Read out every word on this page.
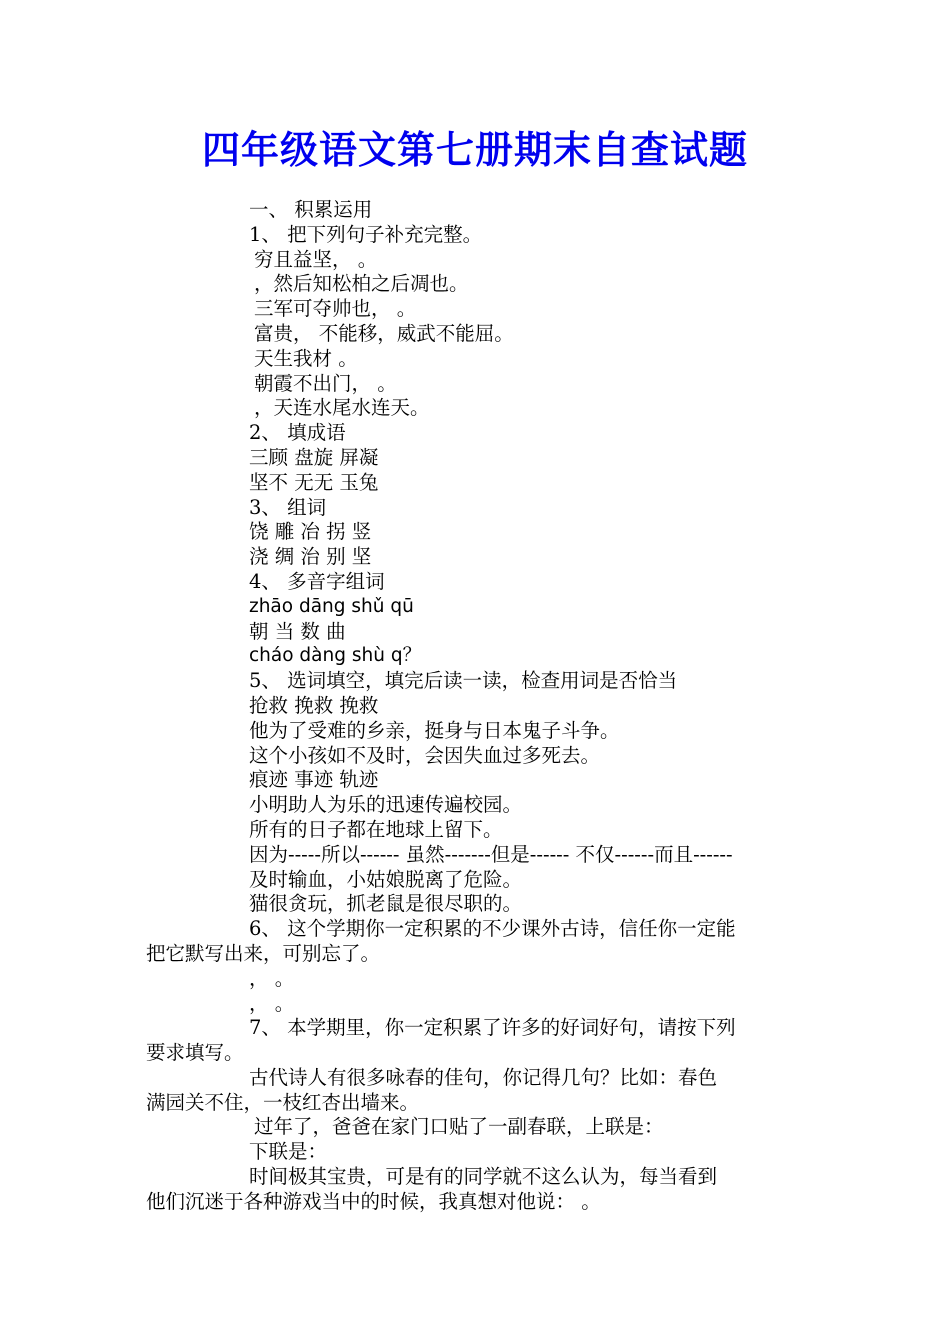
四年级语文第七册期末自查试题
一、 积累运用
1、 把下列句子补充完整。
穷且益坚， 。
，然后知松柏之后凋也。
三军可夺帅也， 。
富贵， 不能移，威武不能屈。
天生我材 。
朝霞不出门， 。
，天连水尾水连天。
2、 填成语
三顾 盘旋 屏凝
坚不 无无 玉兔
3、 组词
饶 雕 冶 拐 竖
浇 绸 治 别 坚
4、 多音字组词
zhāo dāng shǔ qū
朝 当 数 曲
cháo dàng shù q？
5、 选词填空，填完后读一读，检查用词是否恰当
抢救 挽救 挽救
他为了受难的乡亲，挺身与日本鬼子斗争。
这个小孩如不及时，会因失血过多死去。
痕迹 事迹 轨迹
小明助人为乐的迅速传遍校园。
所有的日子都在地球上留下。
因为-----所以------ 虽然-------但是------ 不仅------而且------
及时输血，小姑娘脱离了危险。
猫很贪玩，抓老鼠是很尽职的。
6、 这个学期你一定积累的不少课外古诗，信任你一定能
把它默写出来，可别忘了。
， 。
， 。
7、 本学期里，你一定积累了许多的好词好句，请按下列
要求填写。
古代诗人有很多咏春的佳句，你记得几句？比如：春色
满园关不住，一枝红杏出墙来。
过年了，爸爸在家门口贴了一副春联，上联是：
下联是：
时间极其宝贵，可是有的同学就不这么认为，每当看到
他们沉迷于各种游戏当中的时候，我真想对他说： 。
